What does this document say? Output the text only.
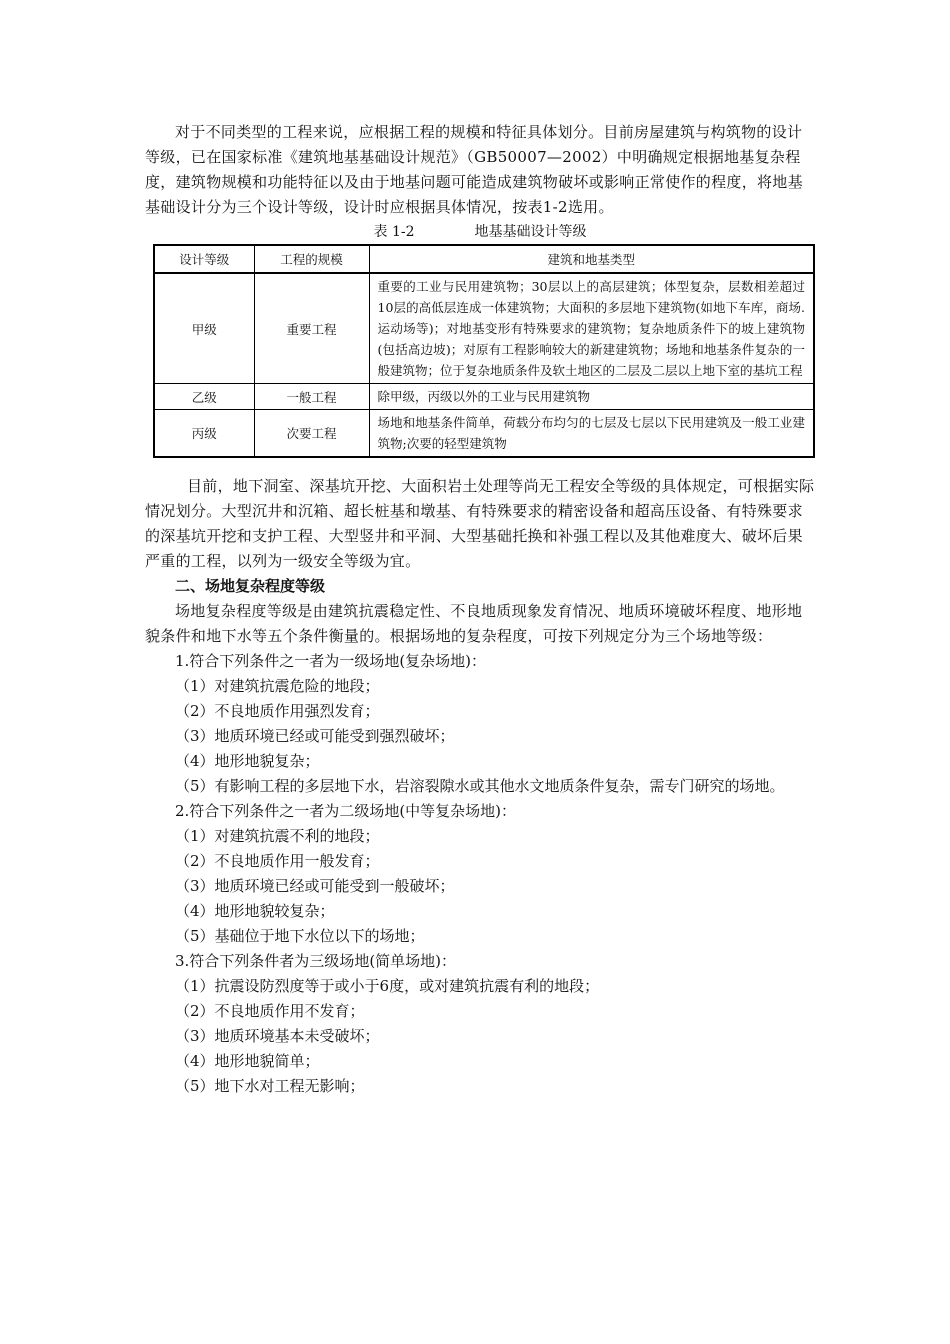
对于不同类型的工程来说，应根据工程的规模和特征具体划分。目前房屋建筑与构筑物的设计等级，已在国家标准《建筑地基基础设计规范》（GB50007—2002）中明确规定根据地基复杂程度，建筑物规模和功能特征以及由于地基问题可能造成建筑物破坏或影响正常使作的程度，将地基基础设计分为三个设计等级，设计时应根据具体情况，按表1-2选用。

表 1-2	地基基础设计等级

设计等级	工程的规模	建筑和地基类型
甲级	重要工程	重要的工业与民用建筑物；30层以上的高层建筑；体型复杂，层数相差超过10层的高低层连成一体建筑物；大面积的多层地下建筑物(如地下车库，商场.运动场等)；对地基变形有特殊要求的建筑物；复杂地质条件下的坡上建筑物(包括高边坡)；对原有工程影响较大的新建建筑物；场地和地基条件复杂的一般建筑物；位于复杂地质条件及软土地区的二层及二层以上地下室的基坑工程
乙级	一般工程	除甲级，丙级以外的工业与民用建筑物
丙级	次要工程	场地和地基条件简单，荷载分布均匀的七层及七层以下民用建筑及一般工业建筑物;次要的轻型建筑物

目前，地下洞室、深基坑开挖、大面积岩土处理等尚无工程安全等级的具体规定，可根据实际情况划分。大型沉井和沉箱、超长桩基和墩基、有特殊要求的精密设备和超高压设备、有特殊要求的深基坑开挖和支护工程、大型竖井和平洞、大型基础托换和补强工程以及其他难度大、破坏后果严重的工程，以列为一级安全等级为宜。

二、场地复杂程度等级

场地复杂程度等级是由建筑抗震稳定性、不良地质现象发育情况、地质环境破坏程度、地形地貌条件和地下水等五个条件衡量的。根据场地的复杂程度，可按下列规定分为三个场地等级：

1.符合下列条件之一者为一级场地(复杂场地)：

（1）对建筑抗震危险的地段；

（2）不良地质作用强烈发育；

（3）地质环境已经或可能受到强烈破坏；

（4）地形地貌复杂；

（5）有影响工程的多层地下水，岩溶裂隙水或其他水文地质条件复杂，需专门研究的场地。

2.符合下列条件之一者为二级场地(中等复杂场地)：

（1）对建筑抗震不利的地段；

（2）不良地质作用一般发育；

（3）地质环境已经或可能受到一般破坏；

（4）地形地貌较复杂；

（5）基础位于地下水位以下的场地；

3.符合下列条件者为三级场地(简单场地)：

（1）抗震设防烈度等于或小于6度，或对建筑抗震有利的地段；

（2）不良地质作用不发育；

（3）地质环境基本未受破坏；

（4）地形地貌简单；

（5）地下水对工程无影响；
